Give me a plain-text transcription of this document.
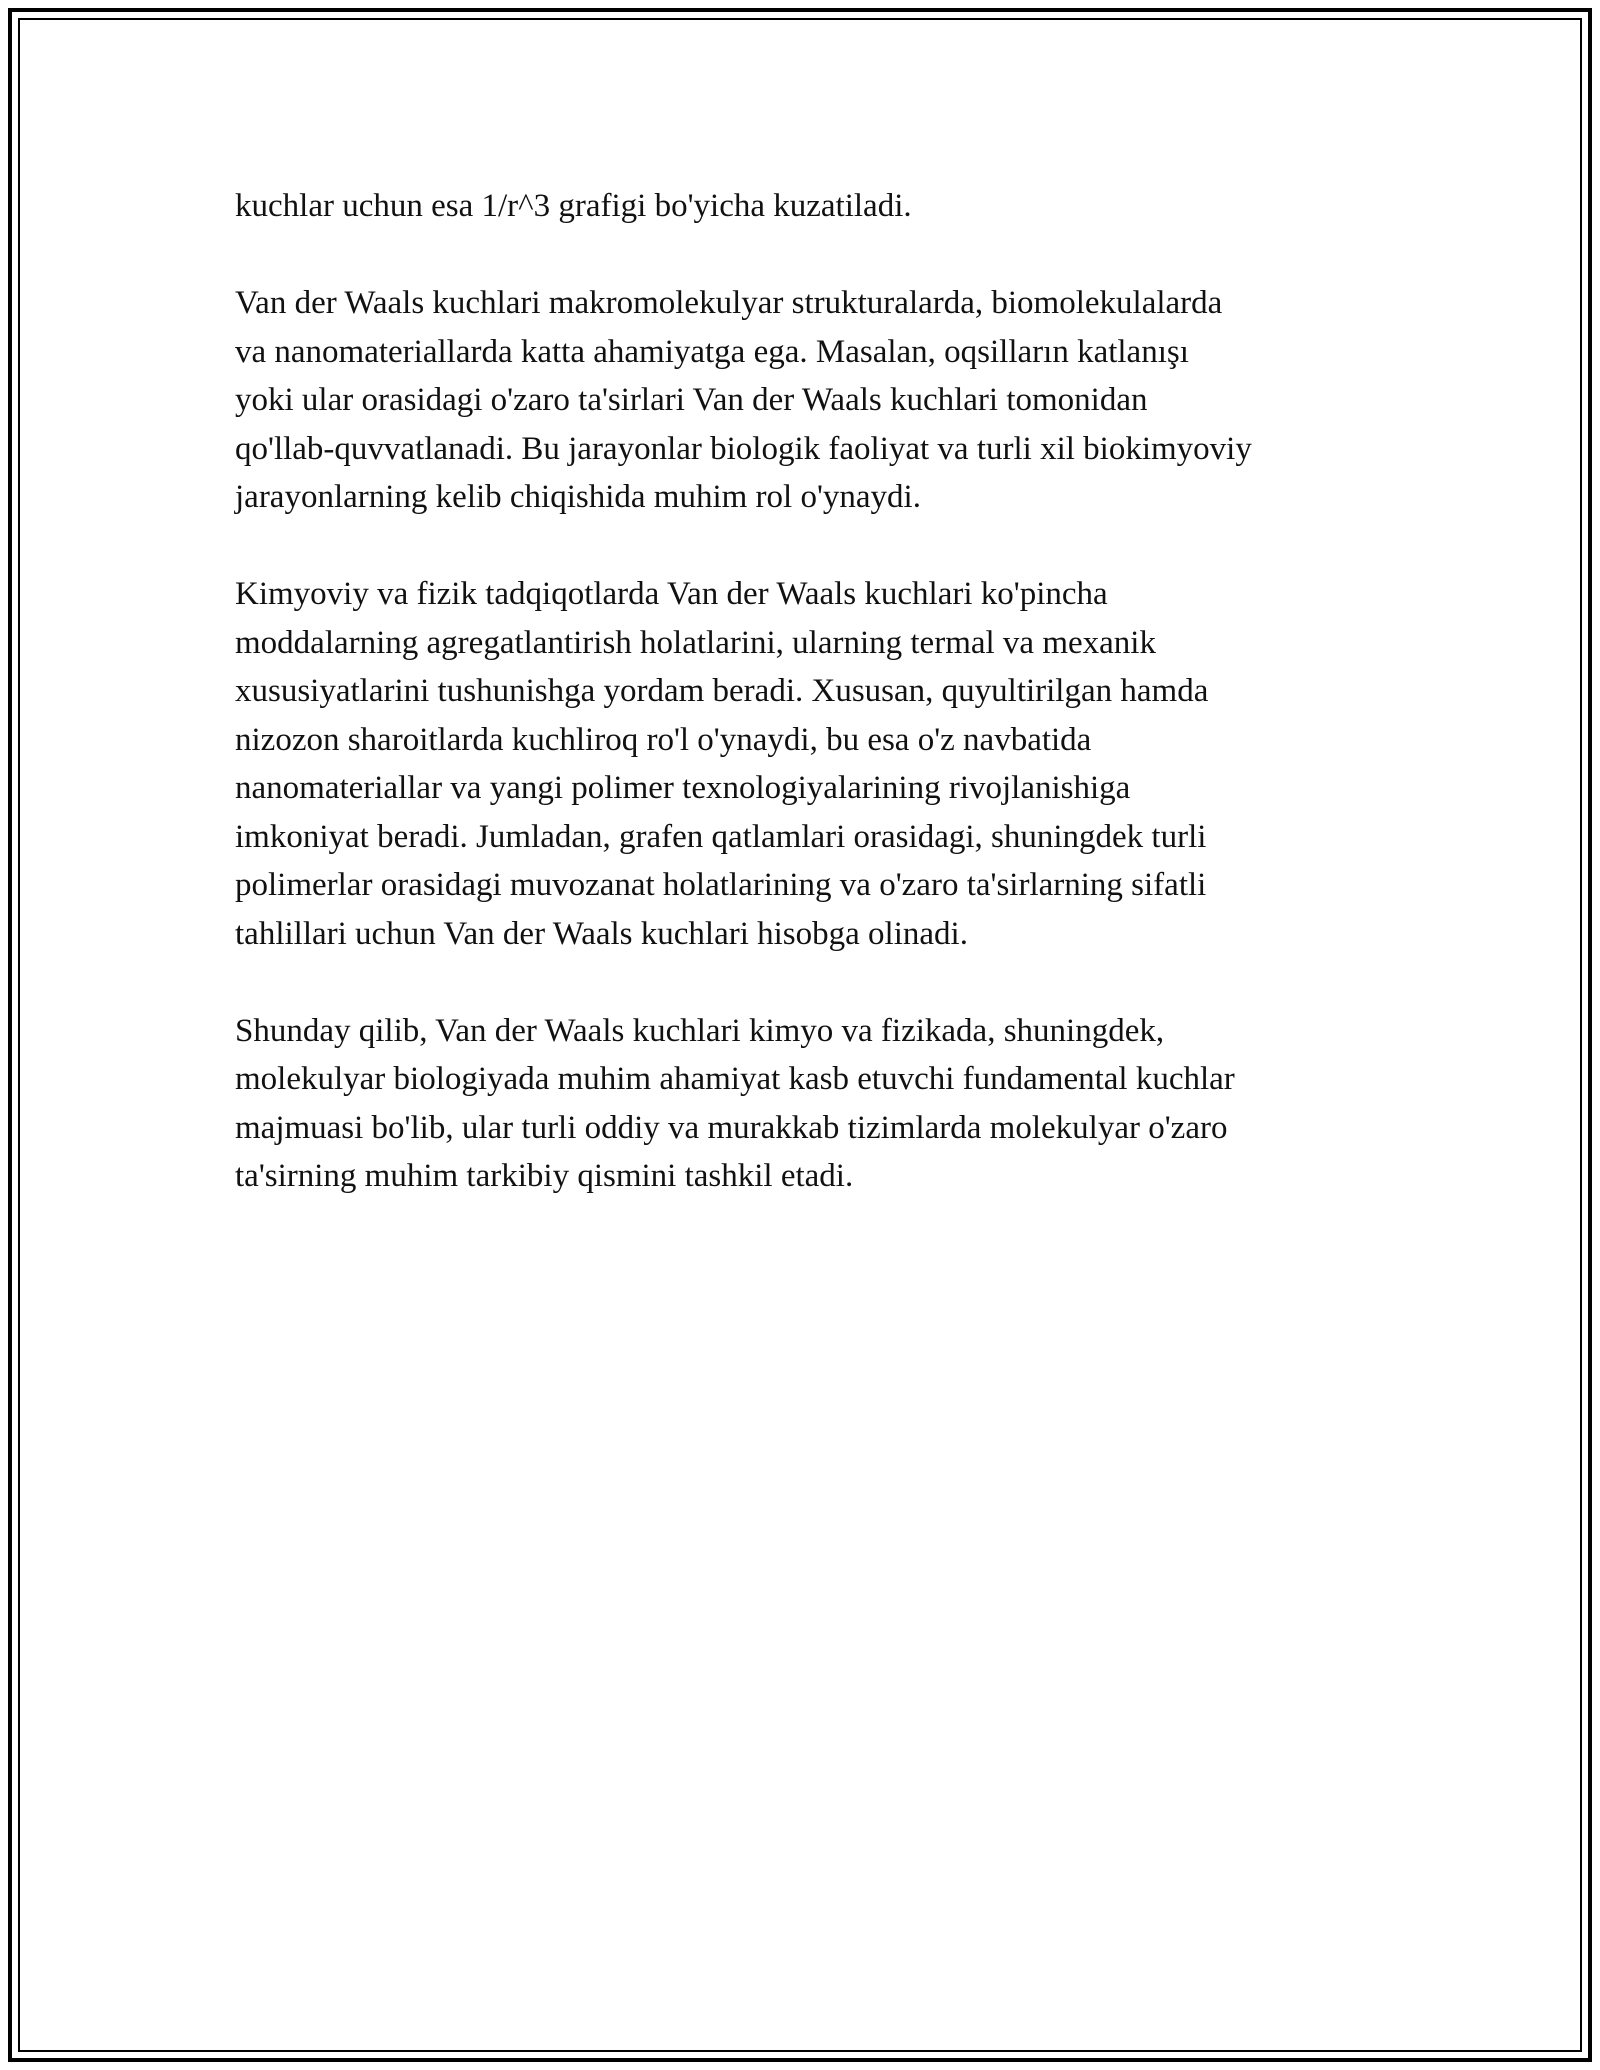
kuchlar uchun esa 1/r^3 grafigi bo'yicha kuzatiladi.
Van der Waals kuchlari makromolekulyar strukturalarda, biomolekulalarda
va nanomateriallarda katta ahamiyatga ega. Masalan, oqsilların katlanışı
yoki ular orasidagi o'zaro ta'sirlari Van der Waals kuchlari tomonidan
qo'llab-quvvatlanadi. Bu jarayonlar biologik faoliyat va turli xil biokimyoviy
jarayonlarning kelib chiqishida muhim rol o'ynaydi.
Kimyoviy va fizik tadqiqotlarda Van der Waals kuchlari ko'pincha
moddalarning agregatlantirish holatlarini, ularning termal va mexanik
xususiyatlarini tushunishga yordam beradi. Xususan, quyultirilgan hamda
nizozon sharoitlarda kuchliroq ro'l o'ynaydi, bu esa o'z navbatida
nanomateriallar va yangi polimer texnologiyalarining rivojlanishiga
imkoniyat beradi. Jumladan, grafen qatlamlari orasidagi, shuningdek turli
polimerlar orasidagi muvozanat holatlarining va o'zaro ta'sirlarning sifatli
tahlillari uchun Van der Waals kuchlari hisobga olinadi.
Shunday qilib, Van der Waals kuchlari kimyo va fizikada, shuningdek,
molekulyar biologiyada muhim ahamiyat kasb etuvchi fundamental kuchlar
majmuasi bo'lib, ular turli oddiy va murakkab tizimlarda molekulyar o'zaro
ta'sirning muhim tarkibiy qismini tashkil etadi.
